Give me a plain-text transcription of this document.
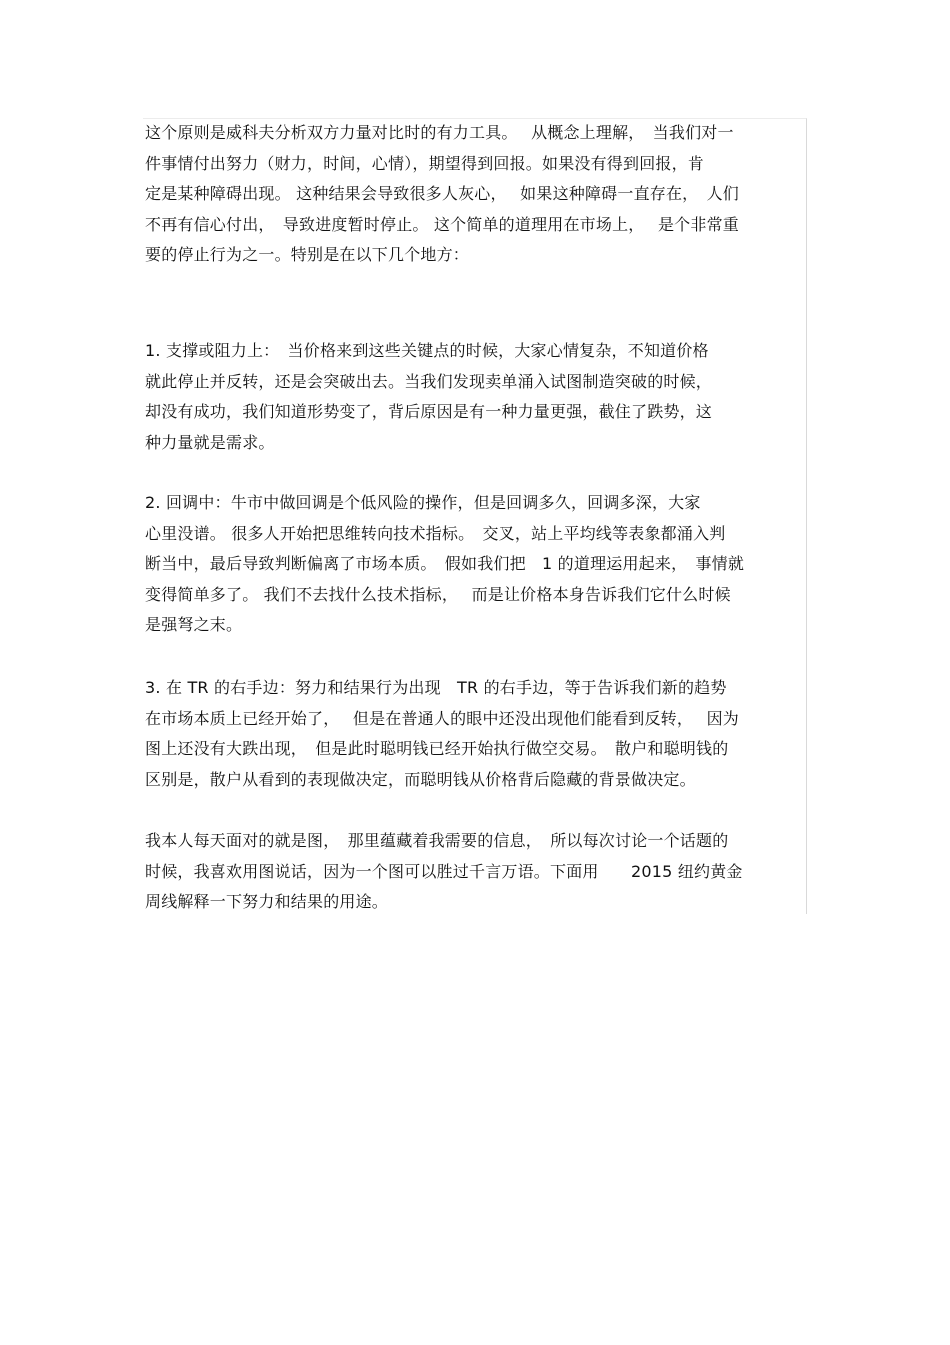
这个原则是威科夫分析双方力量对比时的有力工具。　 从概念上理解，　当我们对一
件事情付出努力（财力，时间，心情），期望得到回报。如果没有得到回报，肯
定是某种障碍出现。 这种结果会导致很多人灰心，　 如果这种障碍一直存在，　人们
不再有信心付出，　导致进度暂时停止。 这个简单的道理用在市场上，　 是个非常重
要的停止行为之一。特别是在以下几个地方：
1. 支撑或阻力上：　当价格来到这些关键点的时候，大家心情复杂，不知道价格
就此停止并反转，还是会突破出去。当我们发现卖单涌入试图制造突破的时候，
却没有成功，我们知道形势变了，背后原因是有一种力量更强，截住了跌势，这
种力量就是需求。
2. 回调中：牛市中做回调是个低风险的操作，但是回调多久，回调多深，大家
心里没谱。 很多人开始把思维转向技术指标。　交叉，站上平均线等表象都涌入判
断当中，最后导致判断偏离了市场本质。　假如我们把　1 的道理运用起来，　事情就
变得简单多了。 我们不去找什么技术指标，　 而是让价格本身告诉我们它什么时候
是强弩之末。
3. 在 TR 的右手边：努力和结果行为出现　TR 的右手边，等于告诉我们新的趋势
在市场本质上已经开始了，　 但是在普通人的眼中还没出现他们能看到反转，　 因为
图上还没有大跌出现，　但是此时聪明钱已经开始执行做空交易。　散户和聪明钱的
区别是，散户从看到的表现做决定，而聪明钱从价格背后隐藏的背景做决定。
我本人每天面对的就是图，　那里蕴藏着我需要的信息，　所以每次讨论一个话题的
时候，我喜欢用图说话，因为一个图可以胜过千言万语。下面用　　2015 纽约黄金
周线解释一下努力和结果的用途。
